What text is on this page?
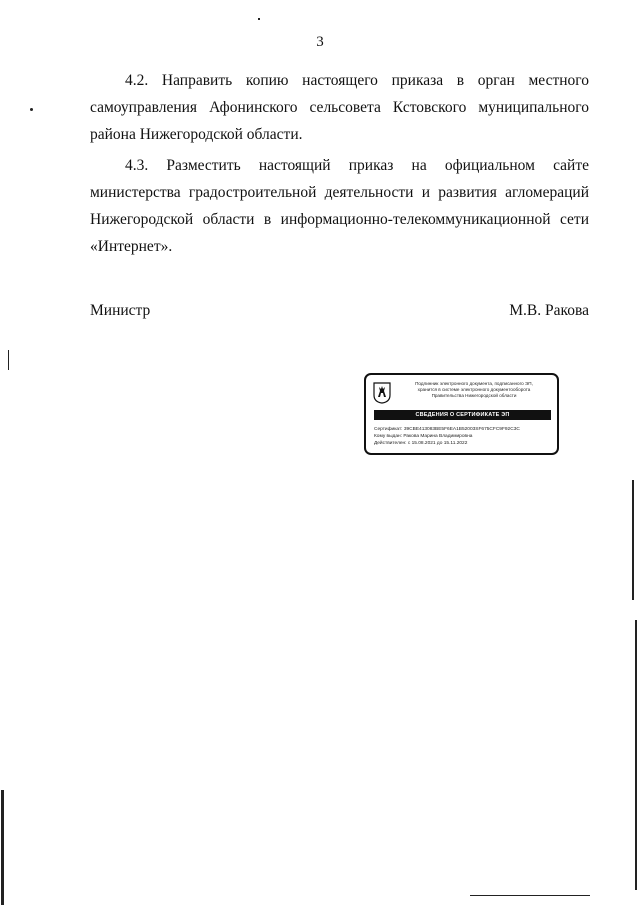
3
4.2. Направить копию настоящего приказа в орган местного самоуправления Афонинского сельсовета Кстовского муниципального района Нижегородской области.
4.3. Разместить настоящий приказ на официальном сайте министерства градостроительной деятельности и развития агломераций Нижегородской области в информационно-телекоммуникационной сети «Интернет».
Министр	М.В. Ракова
Подлинник электронного документа, подписанного ЭП,
хранится в системе электронного документооборота
Правительства Нижегородской области
СВЕДЕНИЯ О СЕРТИФИКАТЕ ЭП
Сертификат: 39CBE413083BE5F6EA1B52003SF675CFC9F92C3C
Кому выдан: Ракова Марина Владимировна
Действителен: с 15.08.2021 до 15.11.2022
